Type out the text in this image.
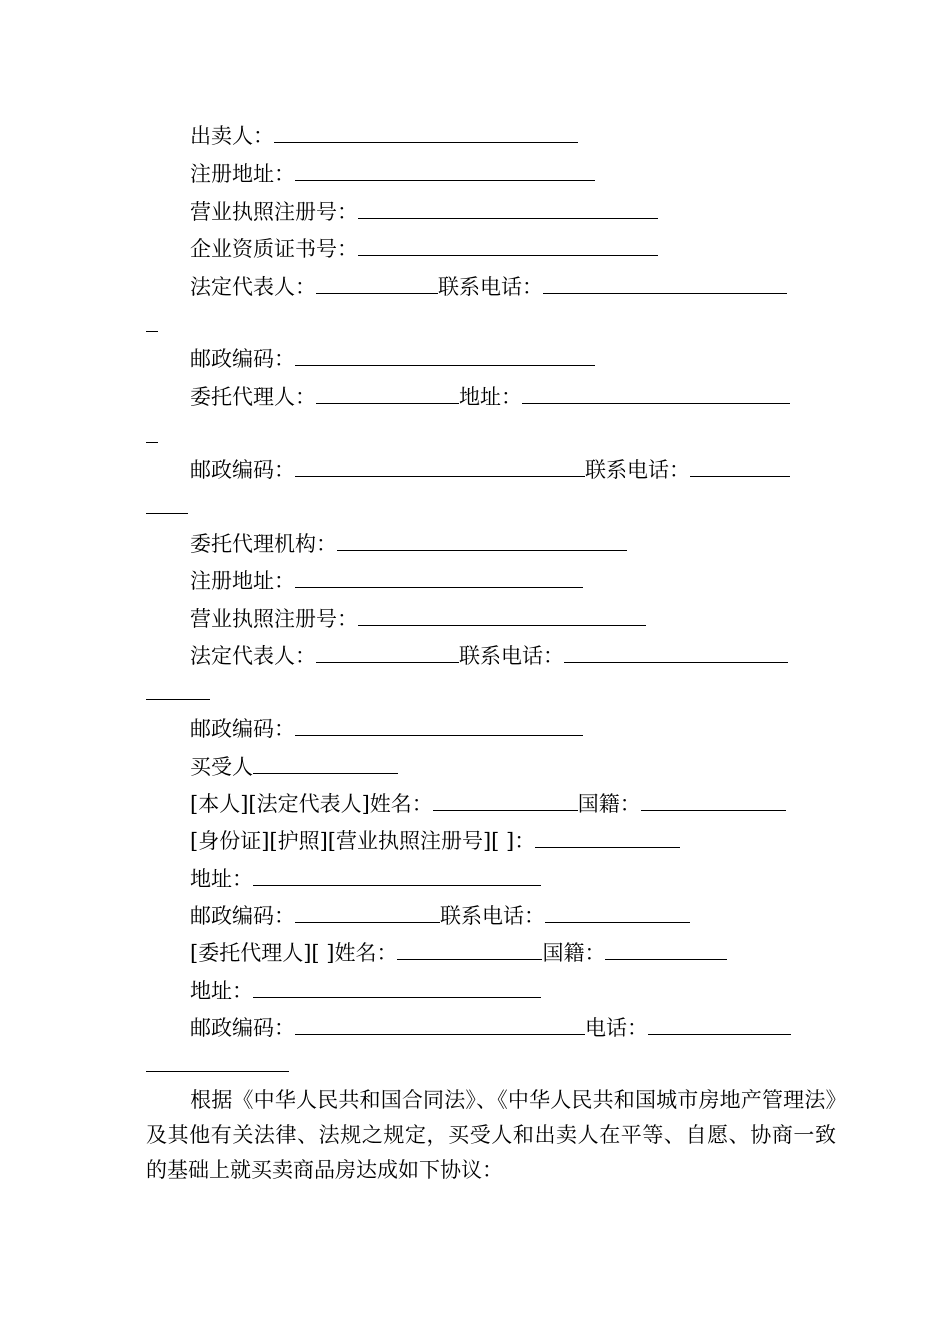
出卖人：
注册地址：
营业执照注册号：
企业资质证书号：
法定代表人：	联系电话：
邮政编码：
委托代理人：	地址：
邮政编码：	联系电话：
委托代理机构：
注册地址：
营业执照注册号：
法定代表人：	联系电话：
邮政编码：
买受人
[本人][法定代表人]姓名：	国籍：
[身份证][护照][营业执照注册号][ ]：
地址：
邮政编码：	联系电话：
[委托代理人][ ]姓名：	国籍：
地址：
邮政编码：	电话：
根据《中华人民共和国合同法》、《中华人民共和国城市房地产管理法》及其他有关法律、法规之规定，买受人和出卖人在平等、自愿、协商一致的基础上就买卖商品房达成如下协议：
